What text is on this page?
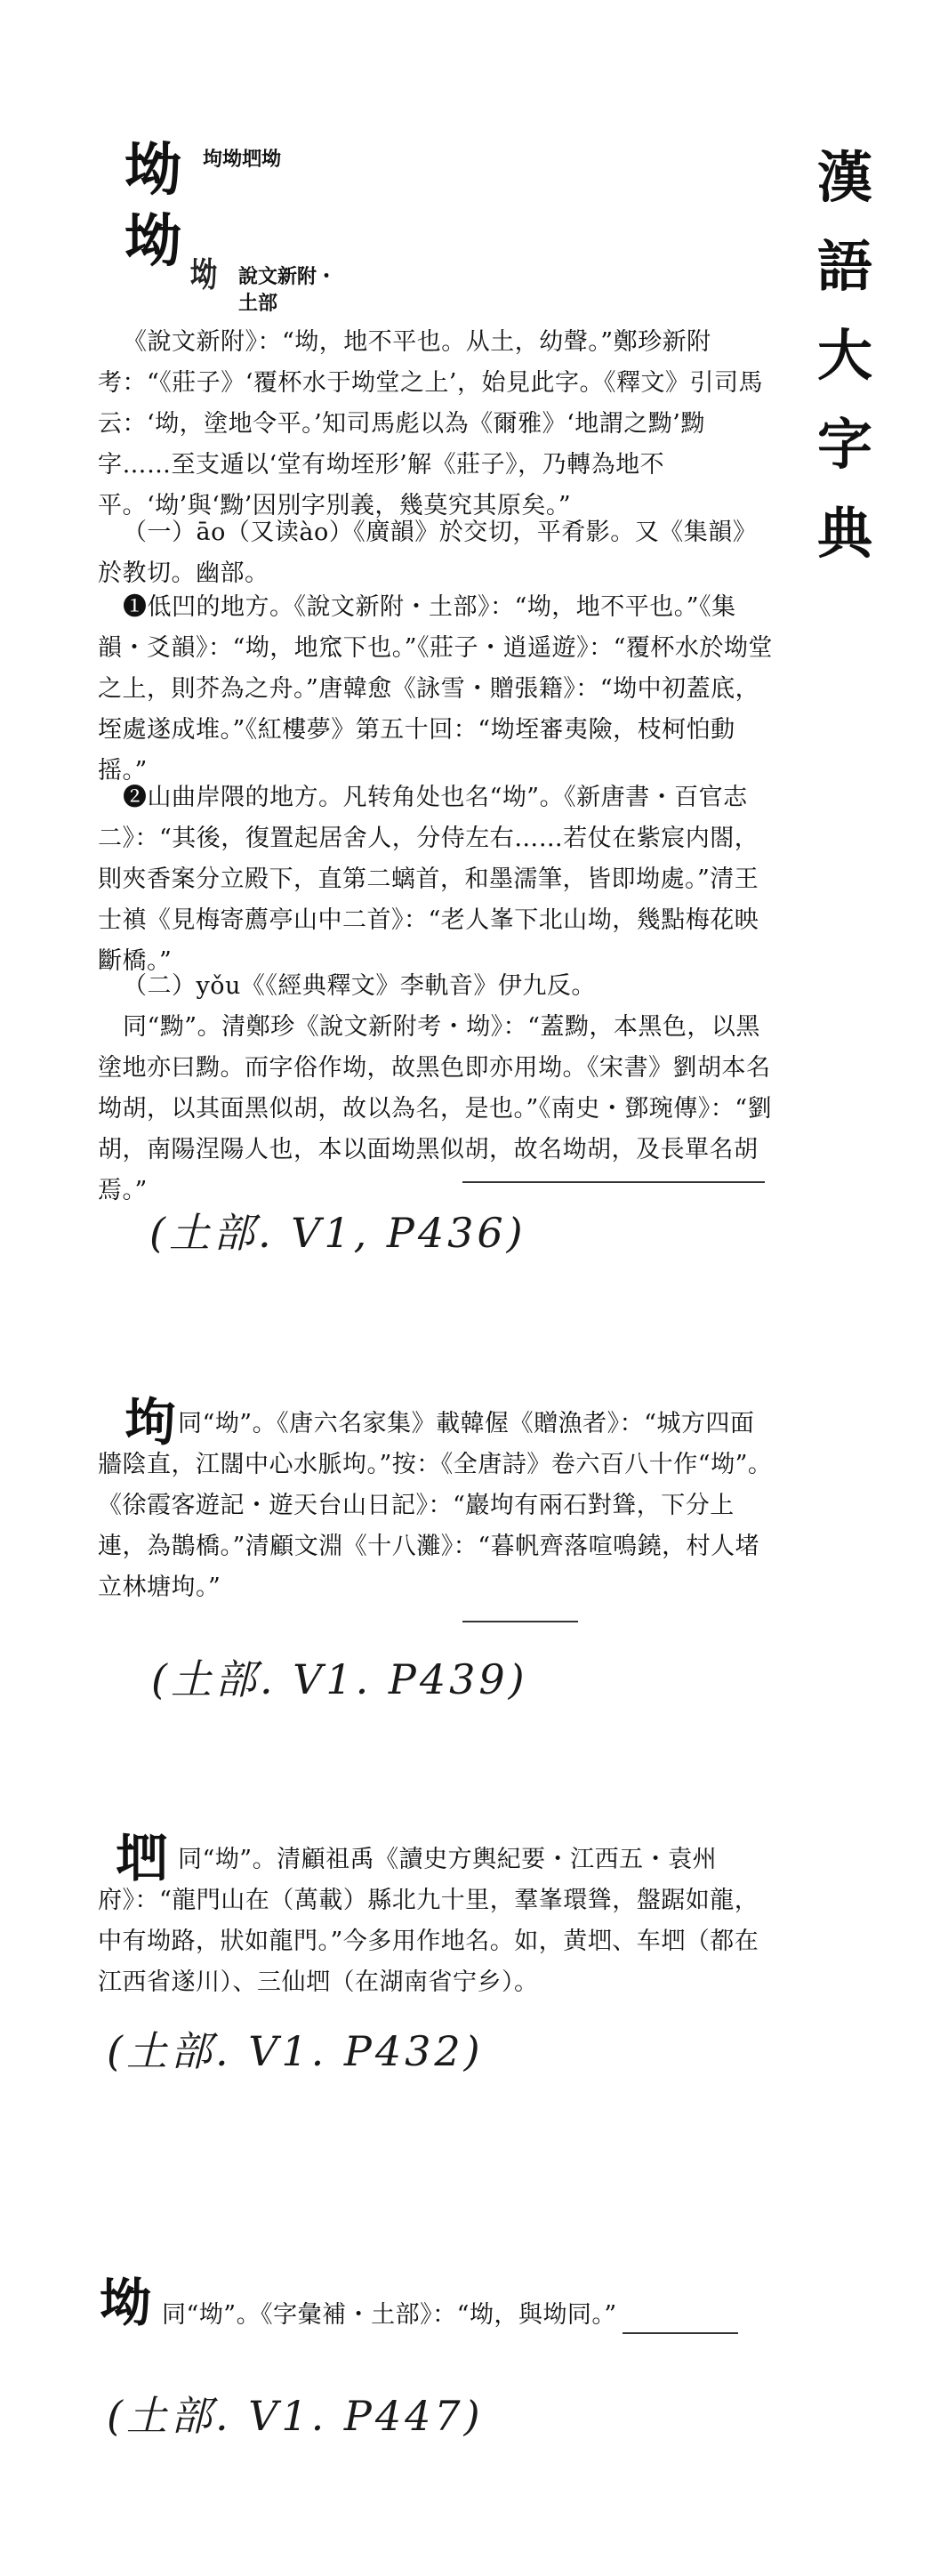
漢
語
大
字
典
坳 坸坳垇坳
坳 坳 說文新附・土部

《說文新附》：“坳，地不平也。从土，幼聲。”鄭珍新附考：“《莊子》‘覆杯水于坳堂之上’，始見此字。《釋文》引司馬云：‘坳，塗地令平。’知司馬彪以為《爾雅》‘地謂之黝’黝字……至支遁以‘堂有坳垤形’解《莊子》，乃轉為地不平。‘坳’與‘黝’因別字別義，幾莫究其原矣。”

（一）āo（又读ào）《廣韻》於交切，平肴影。又《集韻》於教切。幽部。

❶低凹的地方。《說文新附・土部》：“坳，地不平也。”《集韻・爻韻》：“坳，地窊下也。”《莊子・逍遥遊》：“覆杯水於坳堂之上，則芥為之舟。”唐韓愈《詠雪・贈張籍》：“坳中初蓋底，垤處遂成堆。”《紅樓夢》第五十回：“坳垤審夷險，枝柯怕動摇。”

❷山曲岸隈的地方。凡转角处也名“坳”。《新唐書・百官志二》：“其後，復置起居舍人，分侍左右……若仗在紫宸内閤，則夾香案分立殿下，直第二螭首，和墨濡筆，皆即坳處。”清王士禛《見梅寄薦亭山中二首》：“老人峯下北山坳，幾點梅花映斷橋。”

（二）yǒu《《經典釋文》李軌音》伊九反。

同“黝”。清鄭珍《說文新附考・坳》：“蓋黝，本黑色，以黑塗地亦曰黝。而字俗作坳，故黑色即亦用坳。《宋書》劉胡本名坳胡，以其面黑似胡，故以為名，是也。”《南史・鄧琬傳》：“劉胡，南陽涅陽人也，本以面坳黑似胡，故名坳胡，及長單名胡焉。”

(土部. V1, P436)
坸 同“坳”。《唐六名家集》載韓偓《贈漁者》：“城方四面牆陰直，江闊中心水脈坸。”按：《全唐詩》卷六百八十作“坳”。《徐霞客遊記・遊天台山日記》：“巖坸有兩石對聳，下分上連，為鵲橋。”清顧文淵《十八灘》：“暮帆齊落喧鳴鐃，村人堵立林塘坸。”

(土部. V1. P439)
垇 同“坳”。清顧祖禹《讀史方輿紀要・江西五・袁州府》：“龍門山在（萬載）縣北九十里，羣峯環聳，盤踞如龍，中有坳路，狀如龍門。”今多用作地名。如，黄垇、车垇（都在江西省遂川）、三仙垇（在湖南省宁乡）。

(土部. V1. P432)
坳 同“坳”。《字彙補・土部》：“坳，與坳同。”

(土部. V1. P447)
